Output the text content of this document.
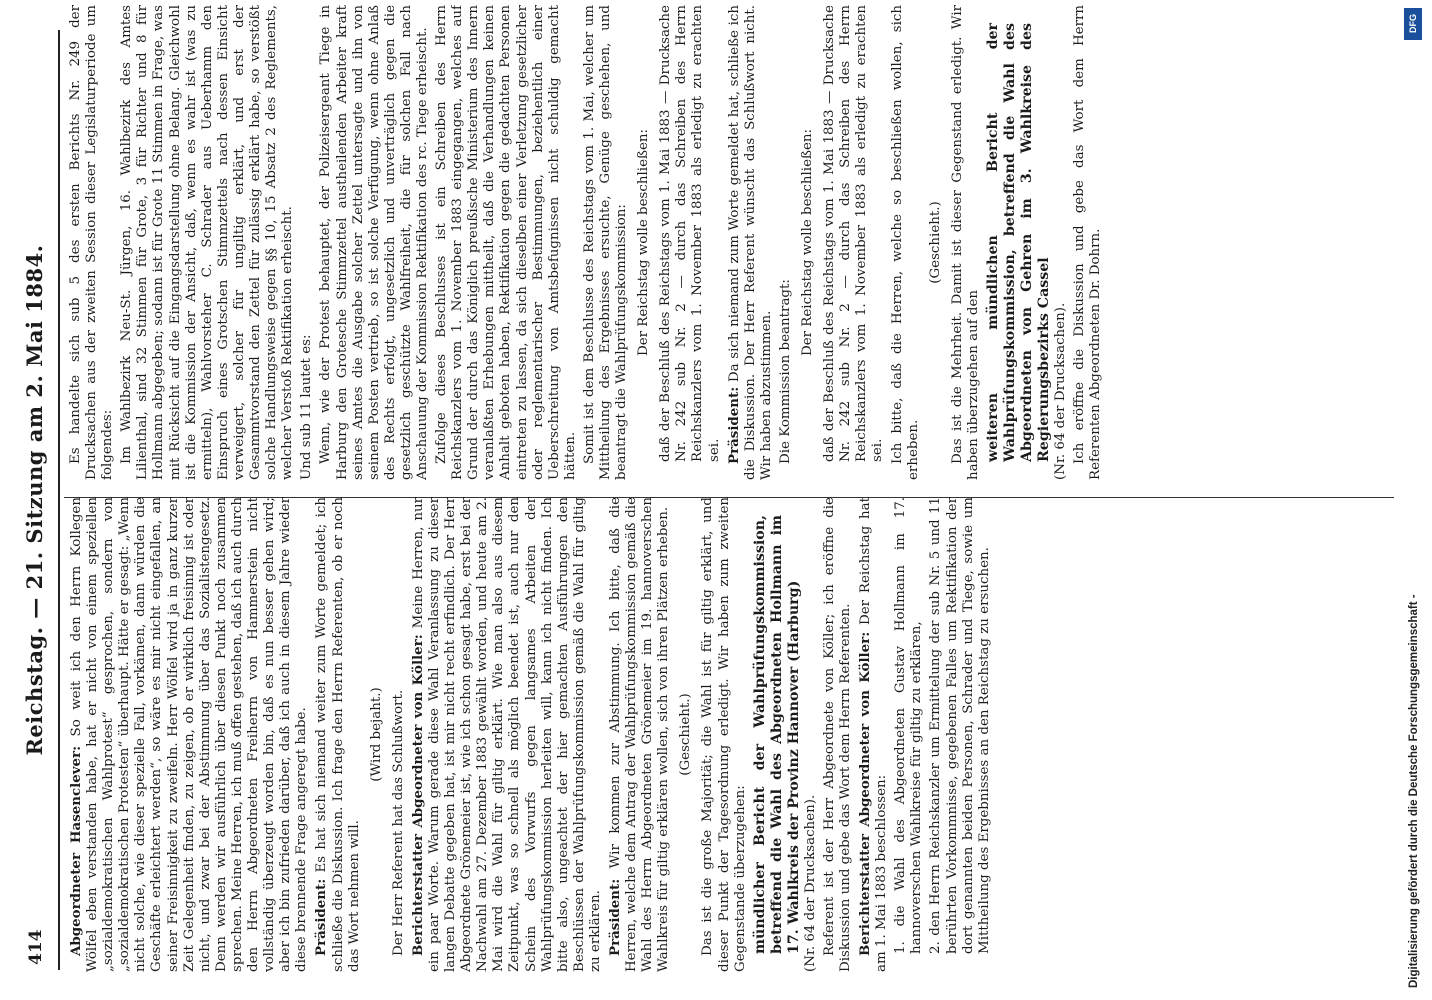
414
Reichstag. — 21. Sitzung am 2. Mai 1884.

Abgeordneter Hasenclever: So weit ich den Herrn Kollegen Wölfel eben verstanden habe, hat er nicht von einem speziellen „sozialdemokratischen Wahlprotest“ gesprochen, sondern von „sozialdemokratischen Protesten“ überhaupt. Hätte er gesagt: „Wenn nicht solche, wie dieser spezielle Fall, vorkämen, dann würden die Geschäfte erleichtert werden“, so wäre es mir nicht eingefallen, an seiner Freisinnigkeit zu zweifeln. Herr Wölfel wird ja in ganz kurzer Zeit Gelegenheit finden, zu zeigen, ob er wirklich freisinnig ist oder nicht, und zwar bei der Abstimmung über das Sozialistengesetz. Denn werden wir ausführlich über diesen Punkt noch zusammen sprechen. Meine Herren, ich muß offen gestehen, daß ich auch durch den Herrn Abgeordneten Freiherrn von Hammerstein nicht vollständig überzeugt worden bin, daß es nun besser gehen wird; aber ich bin zufrieden darüber, daß ich auch in diesem Jahre wieder diese brennende Frage angeregt habe. Präsident: Es hat sich niemand weiter zum Worte gemeldet; ich schließe die Diskussion. Ich frage den Herrn Referenten, ob er noch das Wort nehmen will.

(Wird bejaht.) Der Herr Referent hat das Schlußwort. Berichterstatter Abgeordneter von Köller: Meine Herren, nur ein paar Worte. Warum gerade diese Wahl Veranlassung zu dieser langen Debatte gegeben hat, ist mir nicht recht erfindlich. Der Herr Abgeordnete Grönemeier ist, wie ich schon gesagt habe, erst bei der Nachwahl am 27. Dezember 1883 gewählt worden, und heute am 2. Mai wird die Wahl für giltig erklärt. Wie man also aus diesem Zeitpunkt, was so schnell als möglich beendet ist, auch nur den Schein des Vorwurfs gegen langsames Arbeiten der Wahlprüfungskommission herleiten will, kann ich nicht finden. Ich bitte also, ungeachtet der hier gemachten Ausführungen den Beschlüssen der Wahlprüfungskommission gemäß die Wahl für giltig zu erklären. Präsident: Wir kommen zur Abstimmung. Ich bitte, daß die Herren, welche dem Antrag der Wahlprüfungskommission gemäß die Wahl des Herrn Abgeordneten Grönemeier im 19. hannoverschen Wahlkreis für giltig erklären wollen, sich von ihren Plätzen erheben. (Geschieht.) Das ist die große Majorität; die Wahl ist für giltig erklärt, und dieser Punkt der Tagesordnung erledigt. Wir haben zum zweiten Gegenstande überzugehen: mündlicher Bericht der Wahlprüfungskommission, betreffend die Wahl des Abgeordneten Hollmann im 17. Wahlkreis der Provinz Hannover (Harburg) (Nr. 64 der Drucksachen). Referent ist der Herr Abgeordnete von Köller; ich eröffne die Diskussion und gebe das Wort dem Herrn Referenten. Berichterstatter Abgeordneter von Köller: Der Reichstag hat am 1. Mai 1883 beschlossen: 1. die Wahl des Abgeordneten Gustav Hollmann im 17. hannoverschen Wahlkreise für giltig zu erklären, 2. den Herrn Reichskanzler um Ermittelung der sub Nr. 5 und 11 berührten Vorkommnisse, gegebenen Falles um Rektifikation der dort genannten beiden Personen, Schrader und Tiege, sowie um Mittheilung des Ergebnisses an den Reichstag zu ersuchen.

Es handelte sich sub 5 des ersten Berichts Nr. 249 der Drucksachen aus der zweiten Session dieser Legislaturperiode um folgendes: Im Wahlbezirk Neu-St. Jürgen, 16. Wahlbezirk des Amtes Lilienthal, sind 32 Stimmen für Grote, 3 für Richter und 8 für Hollmann abgegeben; sodann ist für Grote 11 Stimmen in Frage, was mit Rücksicht auf die Eingangsdarstellung ohne Belang. Gleichwohl ist die Kommission der Ansicht, daß, wenn es wahr ist (was zu ermitteln), Wahlvorsteher C. Schrader aus Ueberhamm den Einspruch eines Grotschen Stimmzettels nach dessen Einsicht verweigert, solcher für ungiltig erklärt, und erst der Gesammtvorstand den Zettel für zulässig erklärt habe, so verstößt solche Handlungsweise gegen §§ 10, 15 Absatz 2 des Reglements, welcher Verstoß Rektifikation erheischt. Und sub 11 lautet es: Wenn, wie der Protest behauptet, der Polizeisergeant Tiege in Harburg den Grotesche Stimmzettel austheilenden Arbeiter kraft seines Amtes die Ausgabe solcher Zettel untersagte und ihn von seinem Posten vertrieb, so ist solche Verfügung, wenn ohne Anlaß des Rechts erfolgt, ungesetzlich und unverträglich gegen die gesetzlich geschützte Wahlfreiheit, die für solchen Fall nach Anschauung der Kommission Rektifikation des rc. Tiege erheischt. Zufolge dieses Beschlusses ist ein Schreiben des Herrn Reichskanzlers vom 1. November 1883 eingegangen, welches auf Grund der durch das Königlich preußische Ministerium des Innern veranlaßten Erhebungen mittheilt, daß die Verhandlungen keinen Anhalt geboten haben, Rektifikation gegen die gedachten Personen eintreten zu lassen, da sich dieselben einer Verletzung gesetzlicher oder reglementarischer Bestimmungen, beziehentlich einer Ueberschreitung von Amtsbefugnissen nicht schuldig gemacht hätten. Somit ist dem Beschlusse des Reichstags vom 1. Mai, welcher um Mittheilung des Ergebnisses ersuchte, Genüge geschehen, und beantragt die Wahlprüfungskommission: Der Reichstag wolle beschließen: daß der Beschluß des Reichstags vom 1. Mai 1883 — Drucksache Nr. 242 sub Nr. 2 — durch das Schreiben des Herrn Reichskanzlers vom 1. November 1883 als erledigt zu erachten sei. Präsident: Da sich niemand zum Worte gemeldet hat, schließe ich die Diskussion. Der Herr Referent wünscht das Schlußwort nicht. Wir haben abzustimmen. Die Kommission beantragt:

Der Reichstag wolle beschließen: daß der Beschluß des Reichstags vom 1. Mai 1883 — Drucksache Nr. 242 sub Nr. 2 — durch das Schreiben des Herrn Reichskanzlers vom 1. November 1883 als erledigt zu erachten sei. Ich bitte, daß die Herren, welche so beschließen wollen, sich erheben.

(Geschieht.) Das ist die Mehrheit. Damit ist dieser Gegenstand erledigt. Wir haben überzugehen auf den weiteren mündlichen Bericht der Wahlprüfungskommission, betreffend die Wahl des Abgeordneten von Gehren im 3. Wahlkreise des Regierungsbezirks Cassel (Nr. 64 der Drucksachen). Ich eröffne die Diskussion und gebe das Wort dem Herrn Referenten Abgeordneten Dr. Dohrn.

Digitalisierung gefördert durch die Deutsche Forschungsgemeinschaft -
DFG
